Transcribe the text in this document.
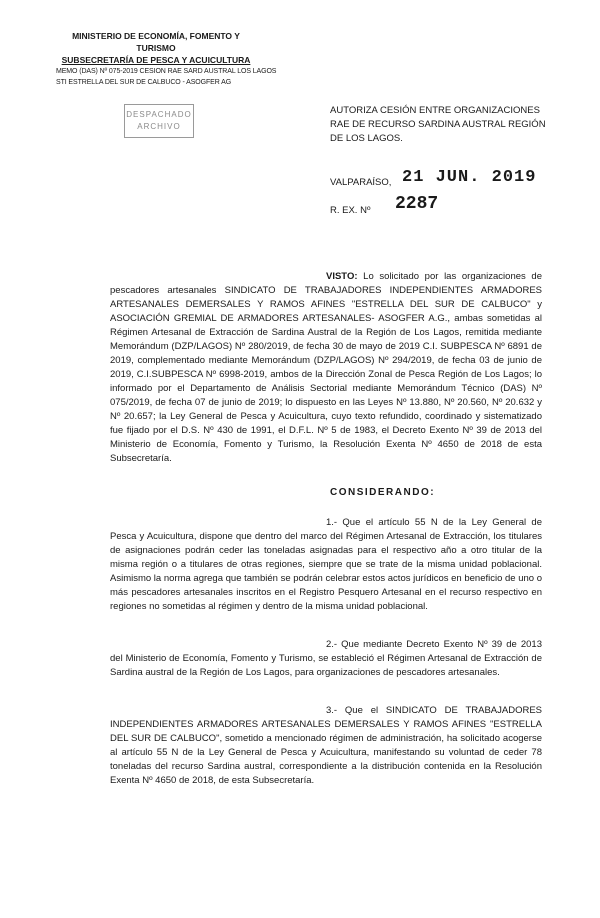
MINISTERIO DE ECONOMÍA, FOMENTO Y TURISMO
SUBSECRETARÍA DE PESCA Y ACUICULTURA
MEMO (DAS) Nº 075-2019 CESION RAE SARD AUSTRAL LOS LAGOS
STI ESTRELLA DEL SUR DE CALBUCO - ASOGFER AG
DESPACHADO
ARCHIVO
AUTORIZA CESIÓN ENTRE ORGANIZACIONES RAE DE RECURSO SARDINA AUSTRAL REGIÓN DE LOS LAGOS.
VALPARAÍSO, 21 JUN. 2019
R. EX. Nº 2287
VISTO: Lo solicitado por las organizaciones de pescadores artesanales SINDICATO DE TRABAJADORES INDEPENDIENTES ARMADORES ARTESANALES DEMERSALES Y RAMOS AFINES "ESTRELLA DEL SUR DE CALBUCO" y ASOCIACIÓN GREMIAL DE ARMADORES ARTESANALES- ASOGFER A.G., ambas sometidas al Régimen Artesanal de Extracción de Sardina Austral de la Región de Los Lagos, remitida mediante Memorándum (DZP/LAGOS) Nº 280/2019, de fecha 30 de mayo de 2019 C.I. SUBPESCA Nº 6891 de 2019, complementado mediante Memorándum (DZP/LAGOS) Nº 294/2019, de fecha 03 de junio de 2019, C.I.SUBPESCA Nº 6998-2019, ambos de la Dirección Zonal de Pesca Región de Los Lagos; lo informado por el Departamento de Análisis Sectorial mediante Memorándum Técnico (DAS) Nº 075/2019, de fecha 07 de junio de 2019; lo dispuesto en las Leyes Nº 13.880, Nº 20.560, Nº 20.632 y Nº 20.657; la Ley General de Pesca y Acuicultura, cuyo texto refundido, coordinado y sistematizado fue fijado por el D.S. Nº 430 de 1991, el D.F.L. Nº 5 de 1983, el Decreto Exento Nº 39 de 2013 del Ministerio de Economía, Fomento y Turismo, la Resolución Exenta Nº 4650 de 2018 de esta Subsecretaría.
CONSIDERANDO:
1.- Que el artículo 55 N de la Ley General de Pesca y Acuicultura, dispone que dentro del marco del Régimen Artesanal de Extracción, los titulares de asignaciones podrán ceder las toneladas asignadas para el respectivo año a otro titular de la misma región o a titulares de otras regiones, siempre que se trate de la misma unidad poblacional. Asimismo la norma agrega que también se podrán celebrar estos actos jurídicos en beneficio de uno o más pescadores artesanales inscritos en el Registro Pesquero Artesanal en el recurso respectivo en regiones no sometidas al régimen y dentro de la misma unidad poblacional.
2.- Que mediante Decreto Exento Nº 39 de 2013 del Ministerio de Economía, Fomento y Turismo, se estableció el Régimen Artesanal de Extracción de Sardina austral de la Región de Los Lagos, para organizaciones de pescadores artesanales.
3.- Que el SINDICATO DE TRABAJADORES INDEPENDIENTES ARMADORES ARTESANALES DEMERSALES Y RAMOS AFINES "ESTRELLA DEL SUR DE CALBUCO", sometido a mencionado régimen de administración, ha solicitado acogerse al artículo 55 N de la Ley General de Pesca y Acuicultura, manifestando su voluntad de ceder 78 toneladas del recurso Sardina austral, correspondiente a la distribución contenida en la Resolución Exenta Nº 4650 de 2018, de esta Subsecretaría.
